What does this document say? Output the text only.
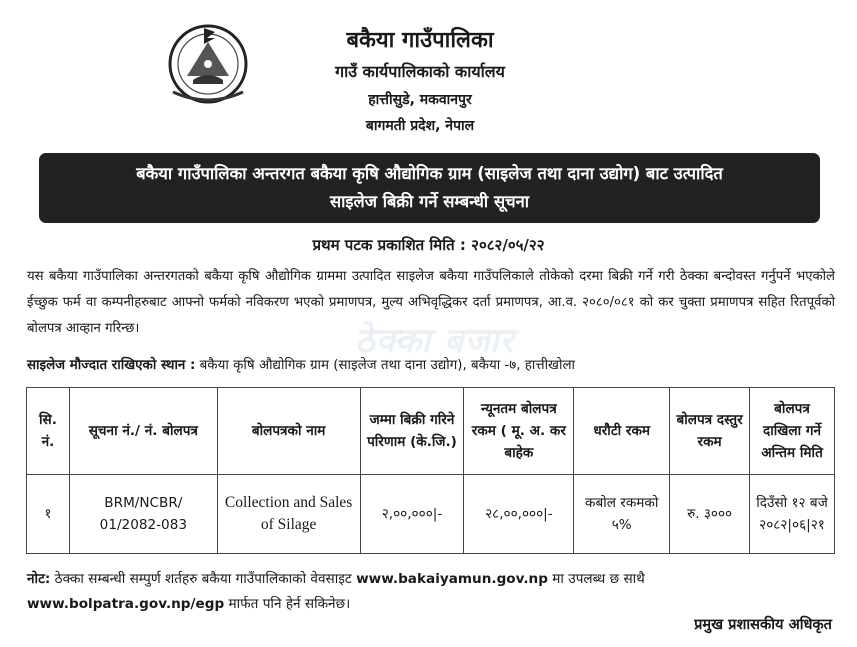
बकैया गाउँपालिका
गाउँ कार्यपालिकाको कार्यालय
हात्तीसुडे, मकवानपुर
बागमती प्रदेश, नेपाल
बकैया गाउँपालिका अन्तरगत बकैया कृषि औद्योगिक ग्राम (साइलेज तथा दाना उद्योग) बाट उत्पादित
साइलेज बिक्री गर्ने सम्बन्धी सूचना
प्रथम पटक प्रकाशित मिति : २०८२/०५/२२
ठेक्का बजार
यस बकैया गाउँपालिका अन्तरगतको बकैया कृषि औद्योगिक ग्राममा उत्पादित साइलेज बकैया गाउँपलिकाले तोकेको दरमा बिक्री गर्ने गरी ठेक्का बन्दोवस्त गर्नुपर्ने भएकोले ईच्छुक फर्म वा कम्पनीहरुबाट आफ्नो फर्मको नविकरण भएको प्रमाणपत्र, मुल्य अभिवृद्धिकर दर्ता प्रमाणपत्र, आ.व. २०८०/०८१ को कर चुक्ता प्रमाणपत्र सहित रितपूर्वको बोलपत्र आव्हान गरिन्छ।
साइलेज मौज्दात राखिएको स्थान : बकैया कृषि औद्योगिक ग्राम (साइलेज तथा दाना उद्योग), बकैया -७, हात्तीखोला
सि. नं.	सूचना नं./ नं. बोलपत्र	बोलपत्रको नाम	जम्मा बिक्री गरिने परिणाम (के.जि.)	न्यूनतम बोलपत्र रकम ( मू. अ. कर बाहेक	धरौटी रकम	बोलपत्र दस्तुर रकम	बोलपत्र दाखिला गर्ने अन्तिम मिति
१	BRM/NCBR/ 01/2082-083	Collection and Sales of Silage	२,००,०००|-	२८,००,०००|-	कबोल रकमको ५%	रु. ३०००	दिउँसो १२ बजे २०८२|०६|२१
नोट: ठेक्का सम्बन्धी सम्पुर्ण शर्तहरु बकैया गाउँपालिकाको वेवसाइट www.bakaiyamun.gov.np मा उपलब्ध छ साथै www.bolpatra.gov.np/egp मार्फत पनि हेर्न सकिनेछ।
प्रमुख प्रशासकीय अधिकृत
